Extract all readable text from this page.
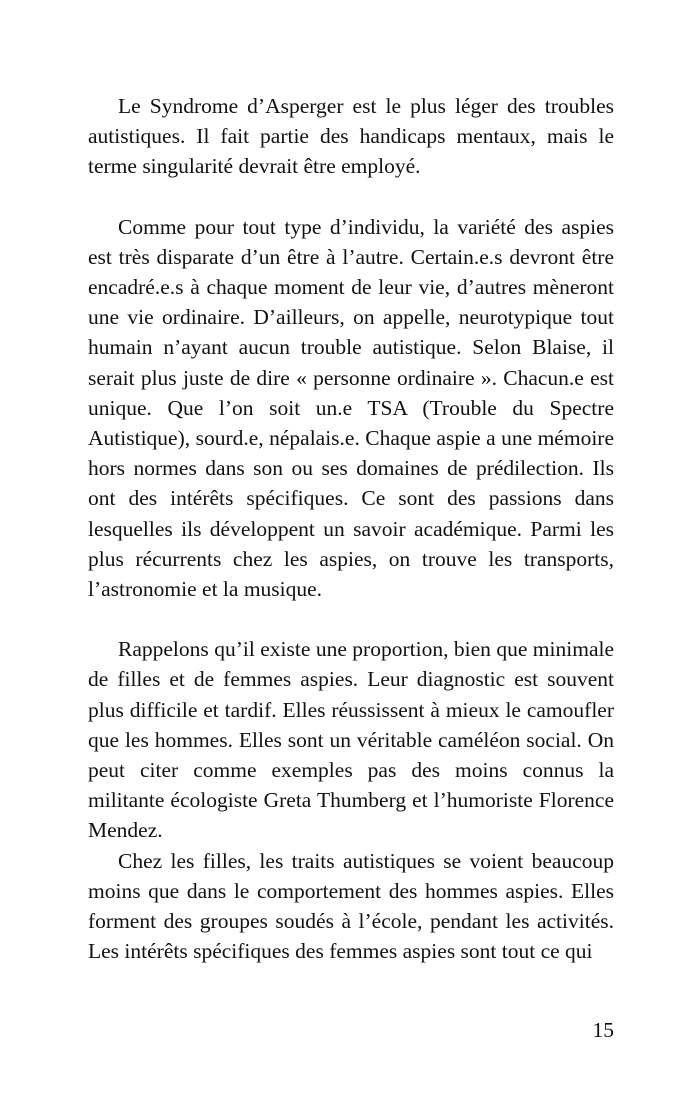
Le Syndrome d’Asperger est le plus léger des troubles autistiques. Il fait partie des handicaps mentaux, mais le terme singularité devrait être employé.

Comme pour tout type d’individu, la variété des aspies est très disparate d’un être à l’autre. Certain.e.s devront être encadré.e.s à chaque moment de leur vie, d’autres mèneront une vie ordinaire. D’ailleurs, on appelle, neurotypique tout humain n’ayant aucun trouble autistique. Selon Blaise, il serait plus juste de dire « personne ordinaire ». Chacun.e est unique. Que l’on soit un.e TSA (Trouble du Spectre Autistique), sourd.e, népalais.e. Chaque aspie a une mémoire hors normes dans son ou ses domaines de prédilection. Ils ont des intérêts spécifiques. Ce sont des passions dans lesquelles ils développent un savoir académique. Parmi les plus récurrents chez les aspies, on trouve les transports, l’astronomie et la musique.

Rappelons qu’il existe une proportion, bien que minimale de filles et de femmes aspies. Leur diagnostic est souvent plus difficile et tardif. Elles réussissent à mieux le camoufler que les hommes. Elles sont un véritable caméléon social. On peut citer comme exemples pas des moins connus la militante écologiste Greta Thumberg et l’humoriste Florence Mendez.

Chez les filles, les traits autistiques se voient beaucoup moins que dans le comportement des hommes aspies. Elles forment des groupes soudés à l’école, pendant les activités. Les intérêts spécifiques des femmes aspies sont tout ce qui

15
